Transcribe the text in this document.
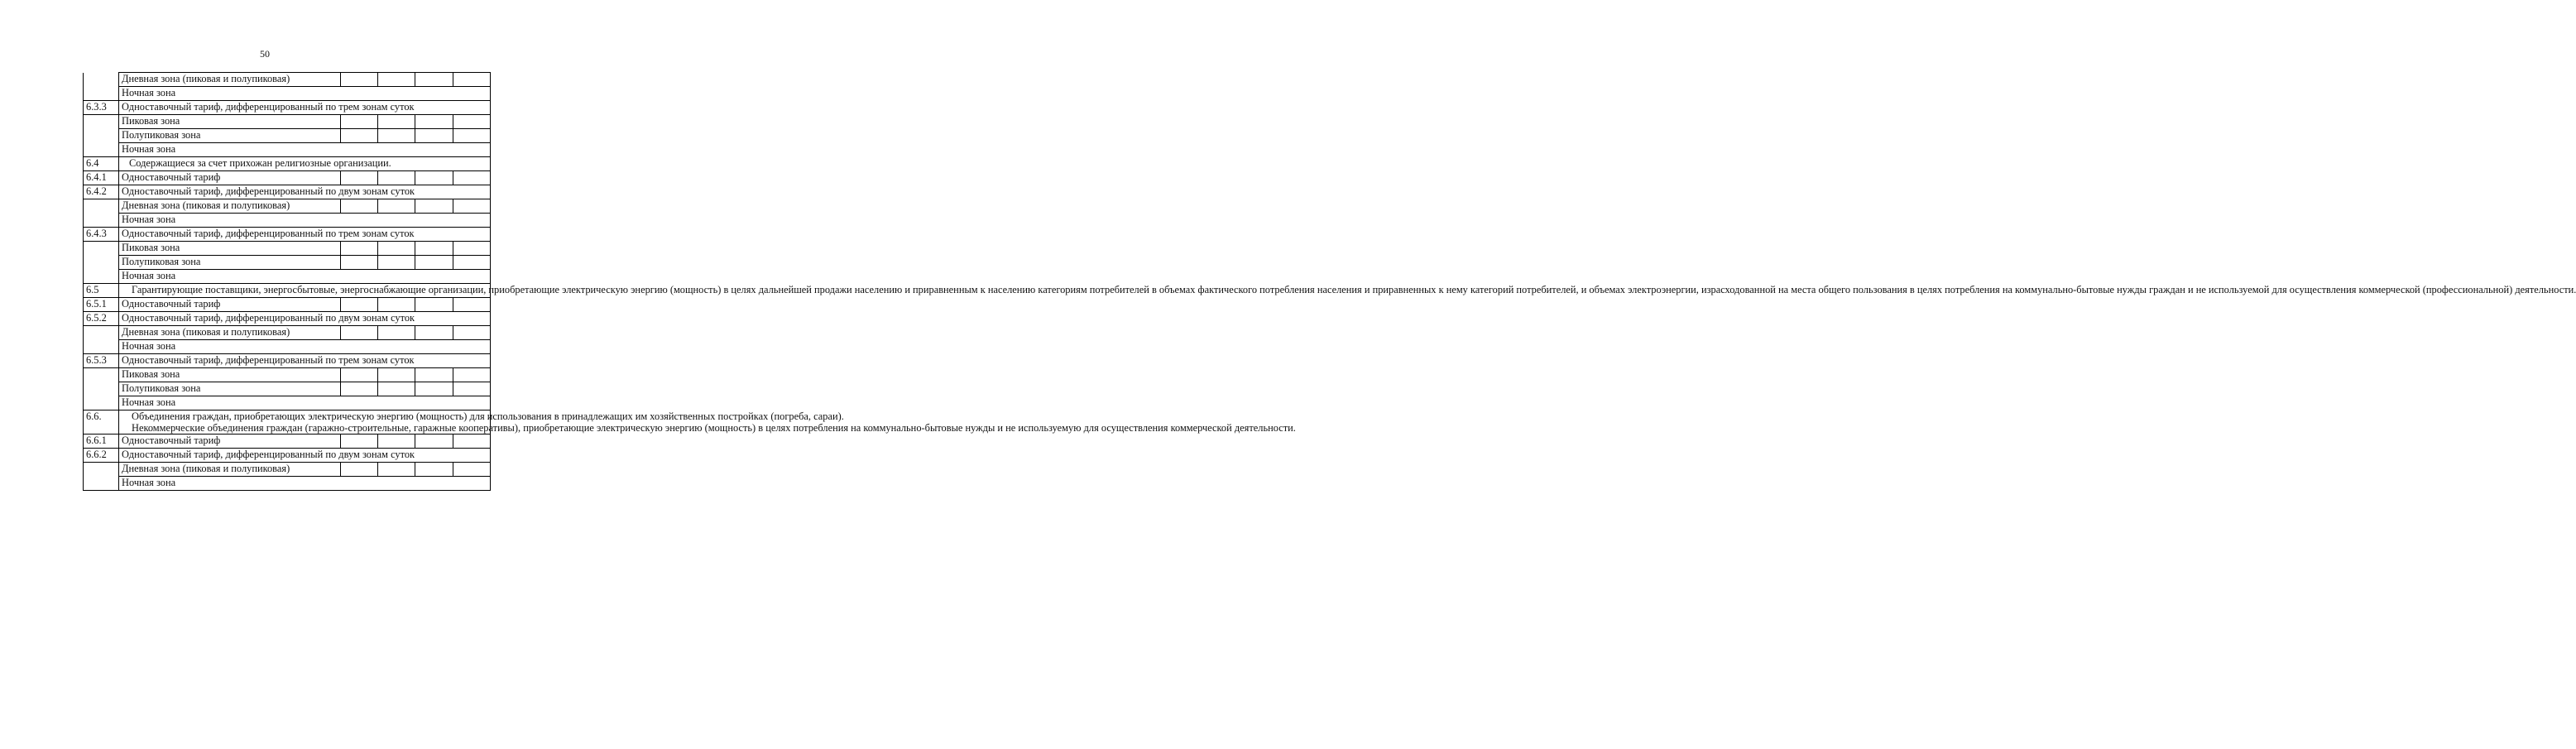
50
	Дневная зона (пиковая и полупиковая)				
	Ночная зона				
6.3.3	Одноставочный тариф, дифференцированный по трем зонам суток				
	Пиковая зона				
	Полупиковая зона				
	Ночная зона				
6.4	Содержащиеся за счет прихожан религиозные организации.				
6.4.1	Одноставочный тариф				
6.4.2	Одноставочный тариф, дифференцированный по двум зонам суток				
	Дневная зона (пиковая и полупиковая)				
	Ночная зона				
6.4.3	Одноставочный тариф, дифференцированный по трем зонам суток				
	Пиковая зона				
	Полупиковая зона				
	Ночная зона				
6.5	Гарантирующие поставщики, энергосбытовые, энергоснабжающие организации, приобретающие электрическую энергию (мощность) в целях дальнейшей продажи населению и приравненным к населению категориям потребителей в объемах фактического потребления населения и приравненных к нему категорий потребителей, и объемах электроэнергии, израсходованной на места общего пользования в целях потребления на коммунально-бытовые нужды граждан и не используемой для осуществления коммерческой (профессиональной) деятельности.				

6.5.1	Одноставочный тариф				
6.5.2	Одноставочный тариф, дифференцированный по двум зонам суток				
	Дневная зона (пиковая и полупиковая)				
	Ночная зона				
6.5.3	Одноставочный тариф, дифференцированный по трем зонам суток				
	Пиковая зона				
	Полупиковая зона				
	Ночная зона				
6.6.	Объединения граждан, приобретающих электрическую энергию (мощность) для использования в принадлежащих им хозяйственных постройках (погреба, сараи).

Некоммерческие объединения граждан (гаражно-строительные, гаражные кооперативы), приобретающие электрическую энергию (мощность) в целях потребления на коммунально-бытовые нужды и не используемую для осуществления коммерческой деятельности.				

6.6.1	Одноставочный тариф				
6.6.2	Одноставочный тариф, дифференцированный по двум зонам суток				
	Дневная зона (пиковая и полупиковая)				
	Ночная зона				
